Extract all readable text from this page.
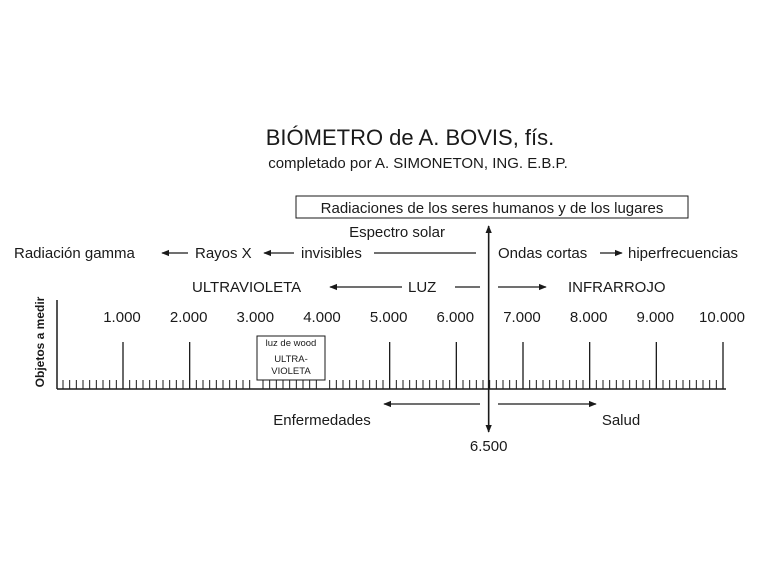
BIÓMETRO de A. BOVIS, fís.
completado por A. SIMONETON, ING. E.B.P.
Radiaciones de los seres humanos y de los lugares
Espectro solar
Radiación gamma	Rayos X	invisibles	Ondas cortas	hiperfrecuencias
ULTRAVIOLETA	LUZ	INFRARROJO
Objetos a medir	1.000 2.000 3.000 4.000 5.000 6.000 7.000 8.000 9.000 10.000
luz de wood
ULTRA-
VIOLETA
6.500
Enfermedades	Salud
